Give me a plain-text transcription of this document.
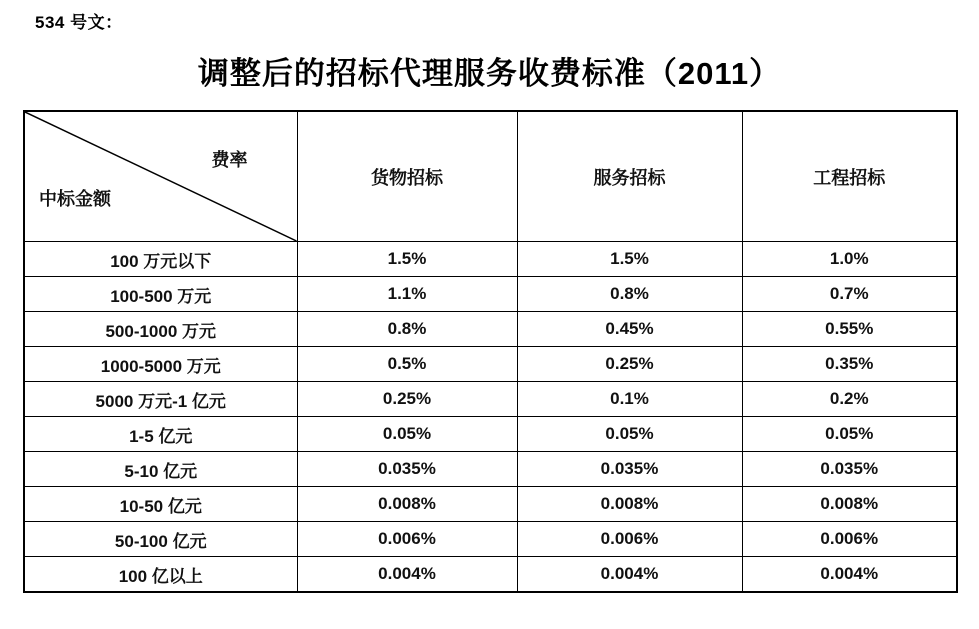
534 号文：
调整后的招标代理服务收费标准（2011）
费率
中标金额	货物招标	服务招标	工程招标
100 万元以下	1.5%	1.5%	1.0%
100-500 万元	1.1%	0.8%	0.7%
500-1000 万元	0.8%	0.45%	0.55%
1000-5000 万元	0.5%	0.25%	0.35%
5000 万元-1 亿元	0.25%	0.1%	0.2%
1-5 亿元	0.05%	0.05%	0.05%
5-10 亿元	0.035%	0.035%	0.035%
10-50 亿元	0.008%	0.008%	0.008%
50-100 亿元	0.006%	0.006%	0.006%
100 亿以上	0.004%	0.004%	0.004%
